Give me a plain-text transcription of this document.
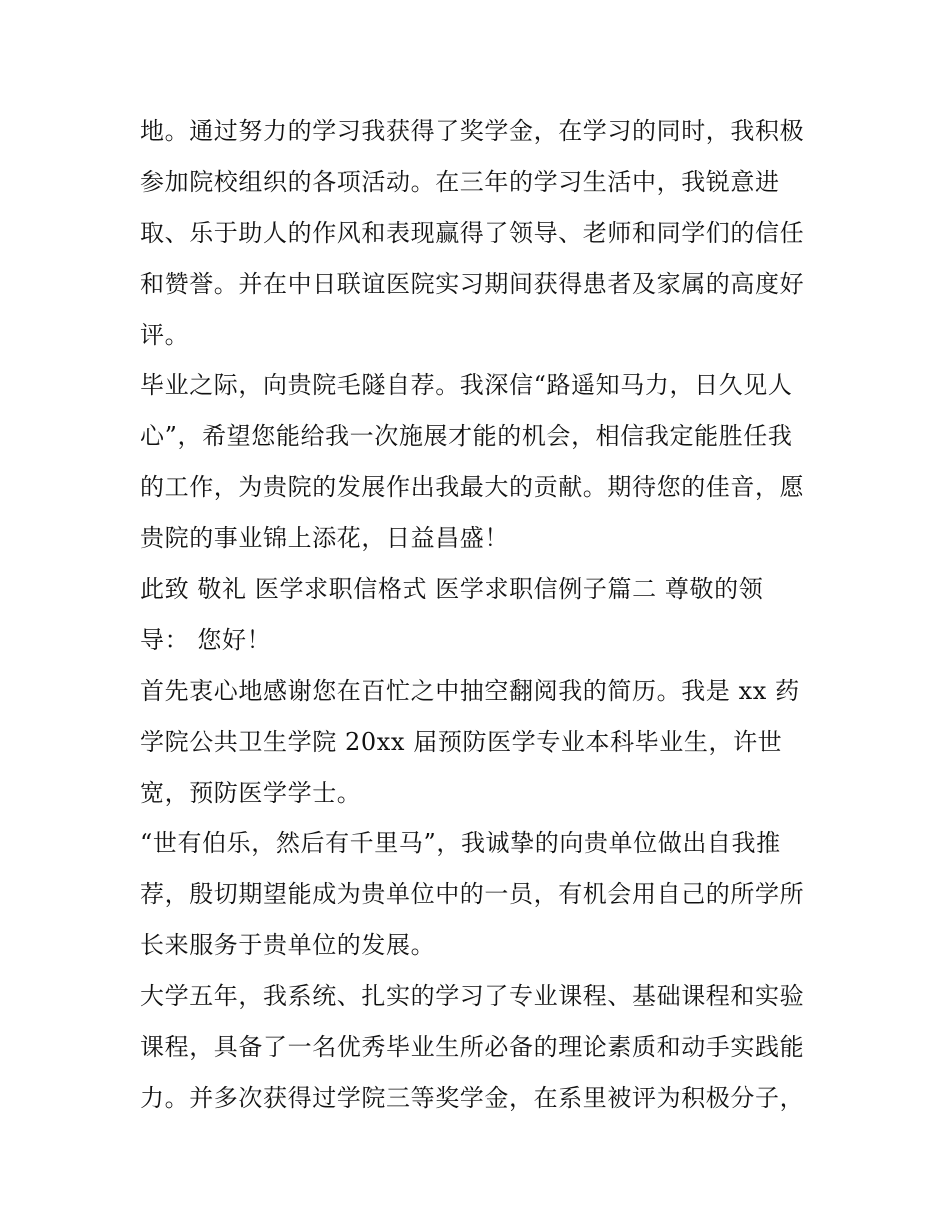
地。通过努力的学习我获得了奖学金，在学习的同时，我积极
参加院校组织的各项活动。在三年的学习生活中，我锐意进
取、乐于助人的作风和表现赢得了领导、老师和同学们的信任
和赞誉。并在中日联谊医院实习期间获得患者及家属的高度好
评。
毕业之际，向贵院毛隧自荐。我深信“路遥知马力，日久见人
心”，希望您能给我一次施展才能的机会，相信我定能胜任我
的工作，为贵院的发展作出我最大的贡献。期待您的佳音，愿
贵院的事业锦上添花，日益昌盛！
此致 敬礼 医学求职信格式 医学求职信例子篇二 尊敬的领
导： 您好！
首先衷心地感谢您在百忙之中抽空翻阅我的简历。我是 xx 药
学院公共卫生学院 20xx 届预防医学专业本科毕业生，许世
宽，预防医学学士。
“世有伯乐，然后有千里马”，我诚挚的向贵单位做出自我推
荐，殷切期望能成为贵单位中的一员，有机会用自己的所学所
长来服务于贵单位的发展。
大学五年，我系统、扎实的学习了专业课程、基础课程和实验
课程，具备了一名优秀毕业生所必备的理论素质和动手实践能
力。并多次获得过学院三等奖学金，在系里被评为积极分子，
